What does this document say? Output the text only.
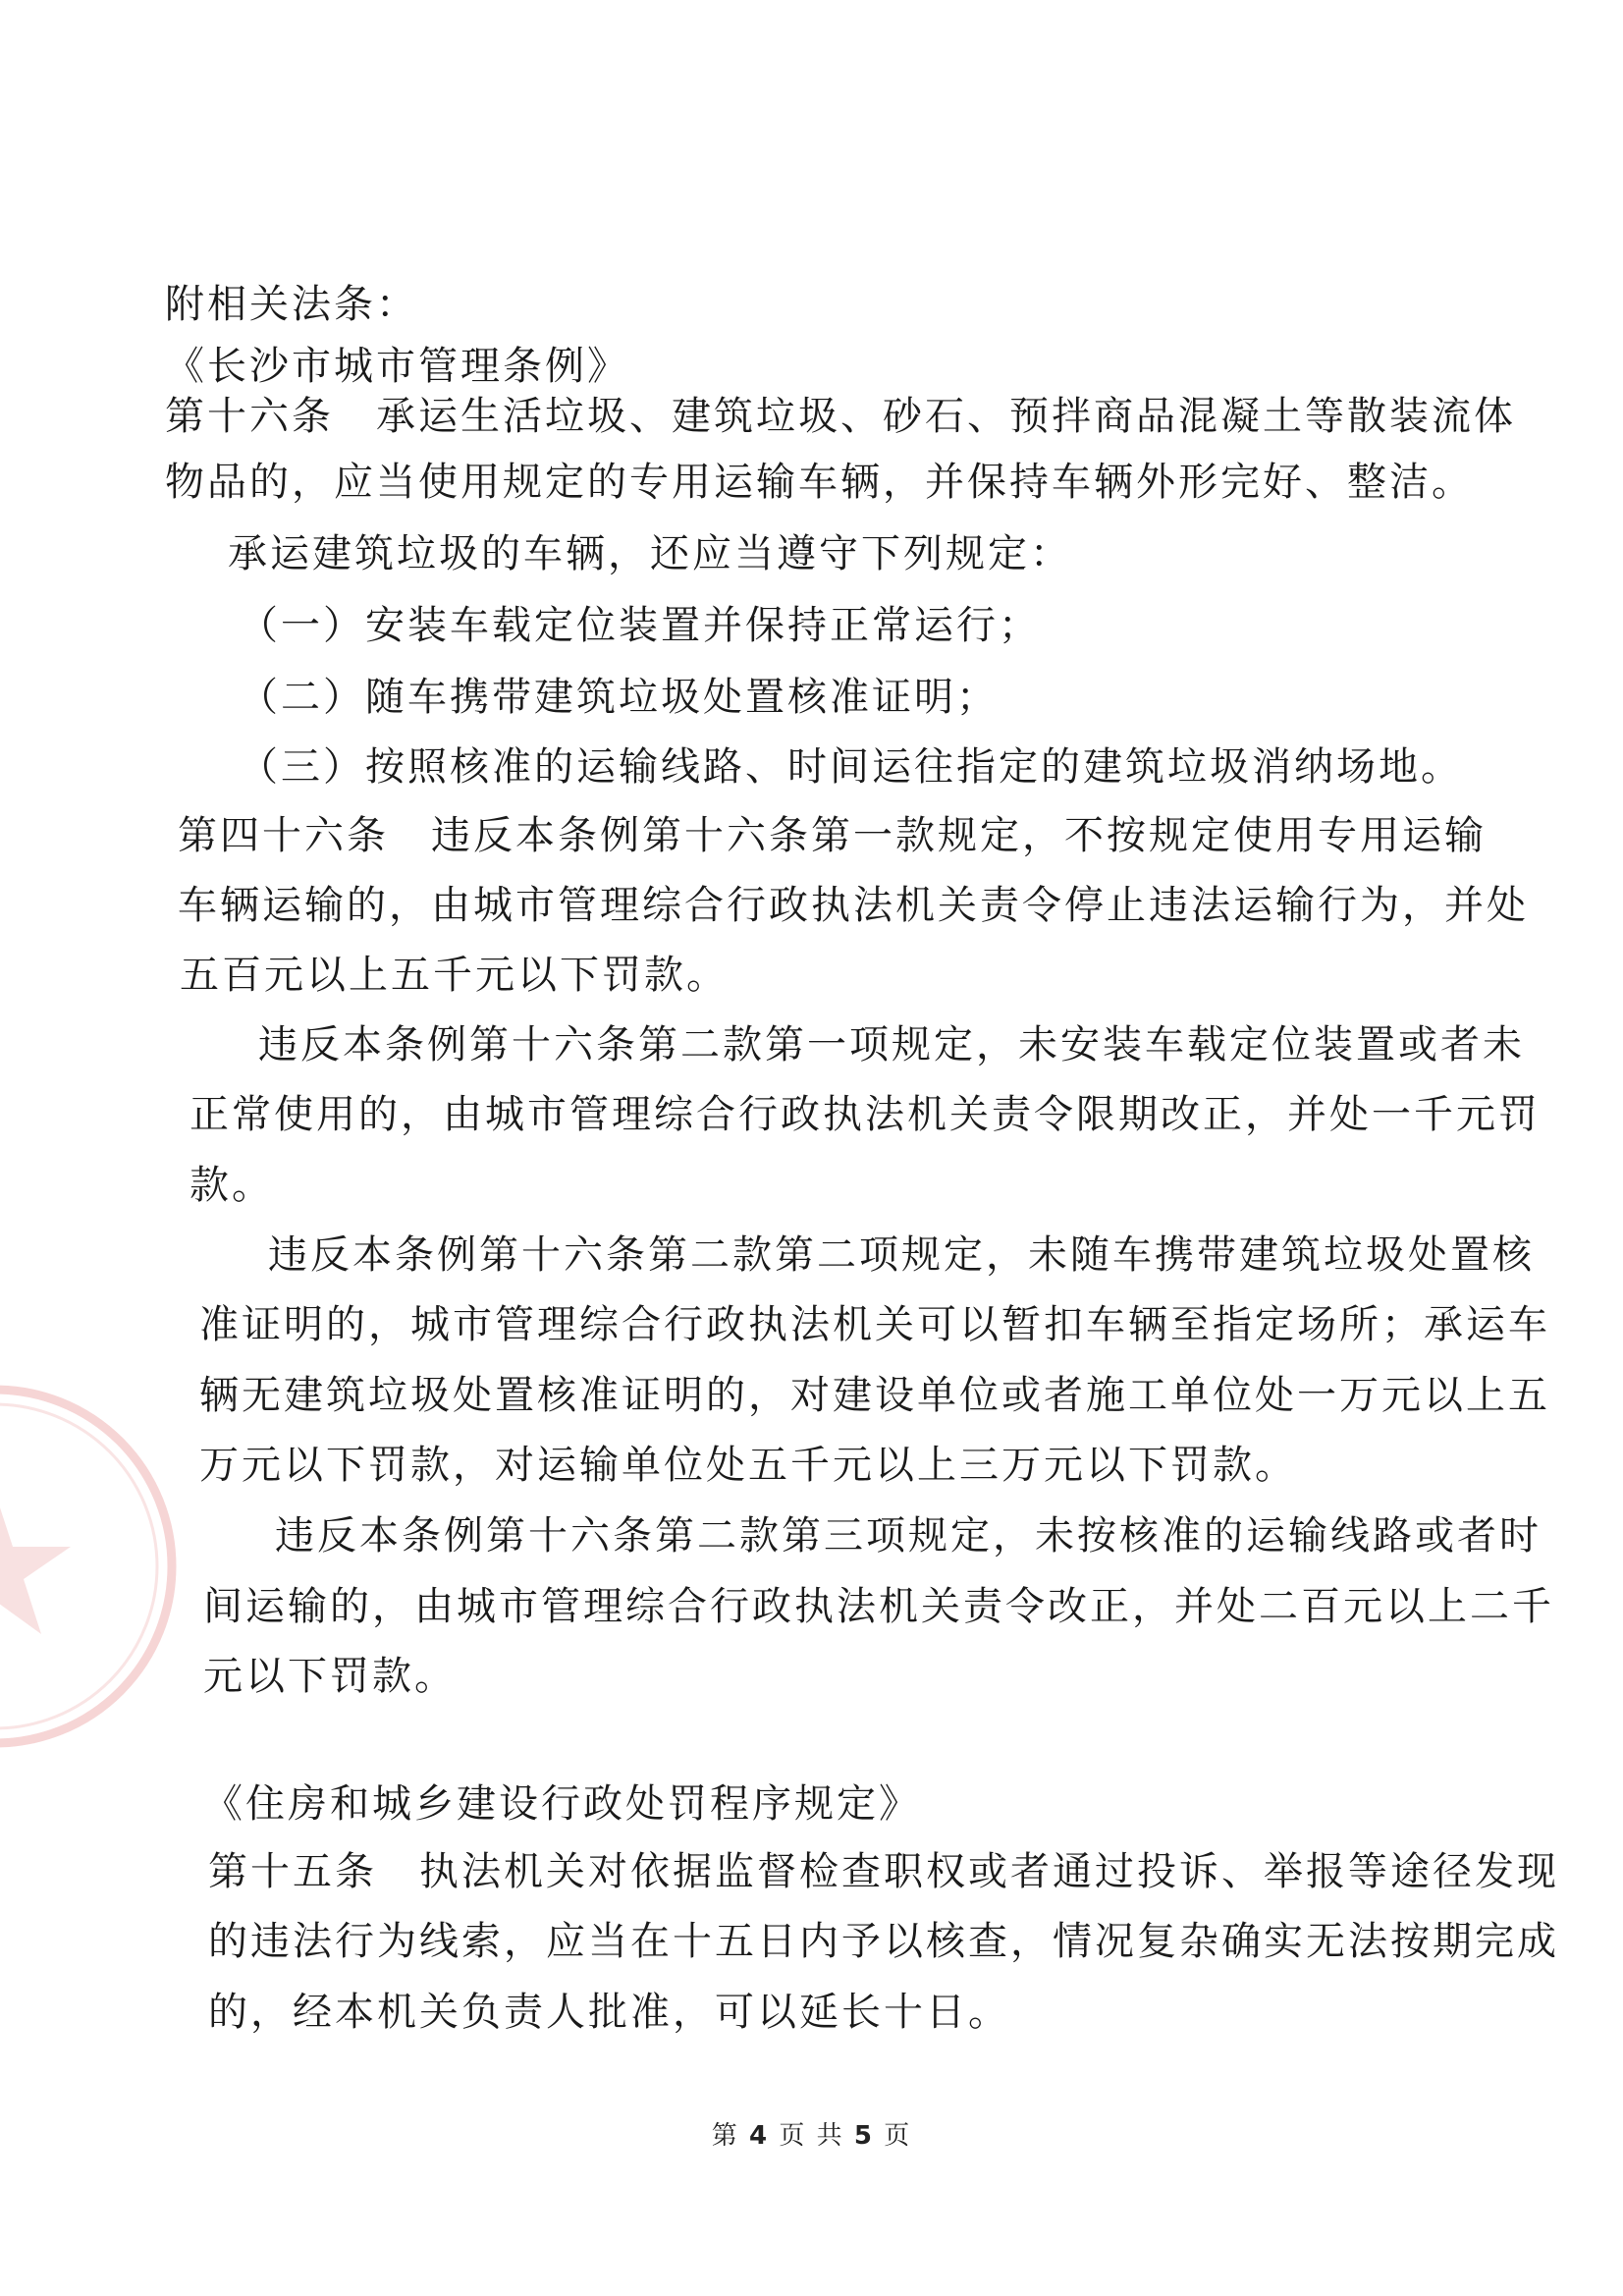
附相关法条：
《长沙市城市管理条例》
第十六条　承运生活垃圾、建筑垃圾、砂石、预拌商品混凝土等散装流体
物品的，应当使用规定的专用运输车辆，并保持车辆外形完好、整洁。
承运建筑垃圾的车辆，还应当遵守下列规定：
（一）安装车载定位装置并保持正常运行；
（二）随车携带建筑垃圾处置核准证明；
（三）按照核准的运输线路、时间运往指定的建筑垃圾消纳场地。
第四十六条　违反本条例第十六条第一款规定，不按规定使用专用运输
车辆运输的，由城市管理综合行政执法机关责令停止违法运输行为，并处
五百元以上五千元以下罚款。
违反本条例第十六条第二款第一项规定，未安装车载定位装置或者未
正常使用的，由城市管理综合行政执法机关责令限期改正，并处一千元罚
款。
违反本条例第十六条第二款第二项规定，未随车携带建筑垃圾处置核
准证明的，城市管理综合行政执法机关可以暂扣车辆至指定场所；承运车
辆无建筑垃圾处置核准证明的，对建设单位或者施工单位处一万元以上五
万元以下罚款，对运输单位处五千元以上三万元以下罚款。
违反本条例第十六条第二款第三项规定，未按核准的运输线路或者时
间运输的，由城市管理综合行政执法机关责令改正，并处二百元以上二千
元以下罚款。
《住房和城乡建设行政处罚程序规定》
第十五条　执法机关对依据监督检查职权或者通过投诉、举报等途径发现
的违法行为线索，应当在十五日内予以核查，情况复杂确实无法按期完成
的，经本机关负责人批准，可以延长十日。
第 4 页 共 5 页
